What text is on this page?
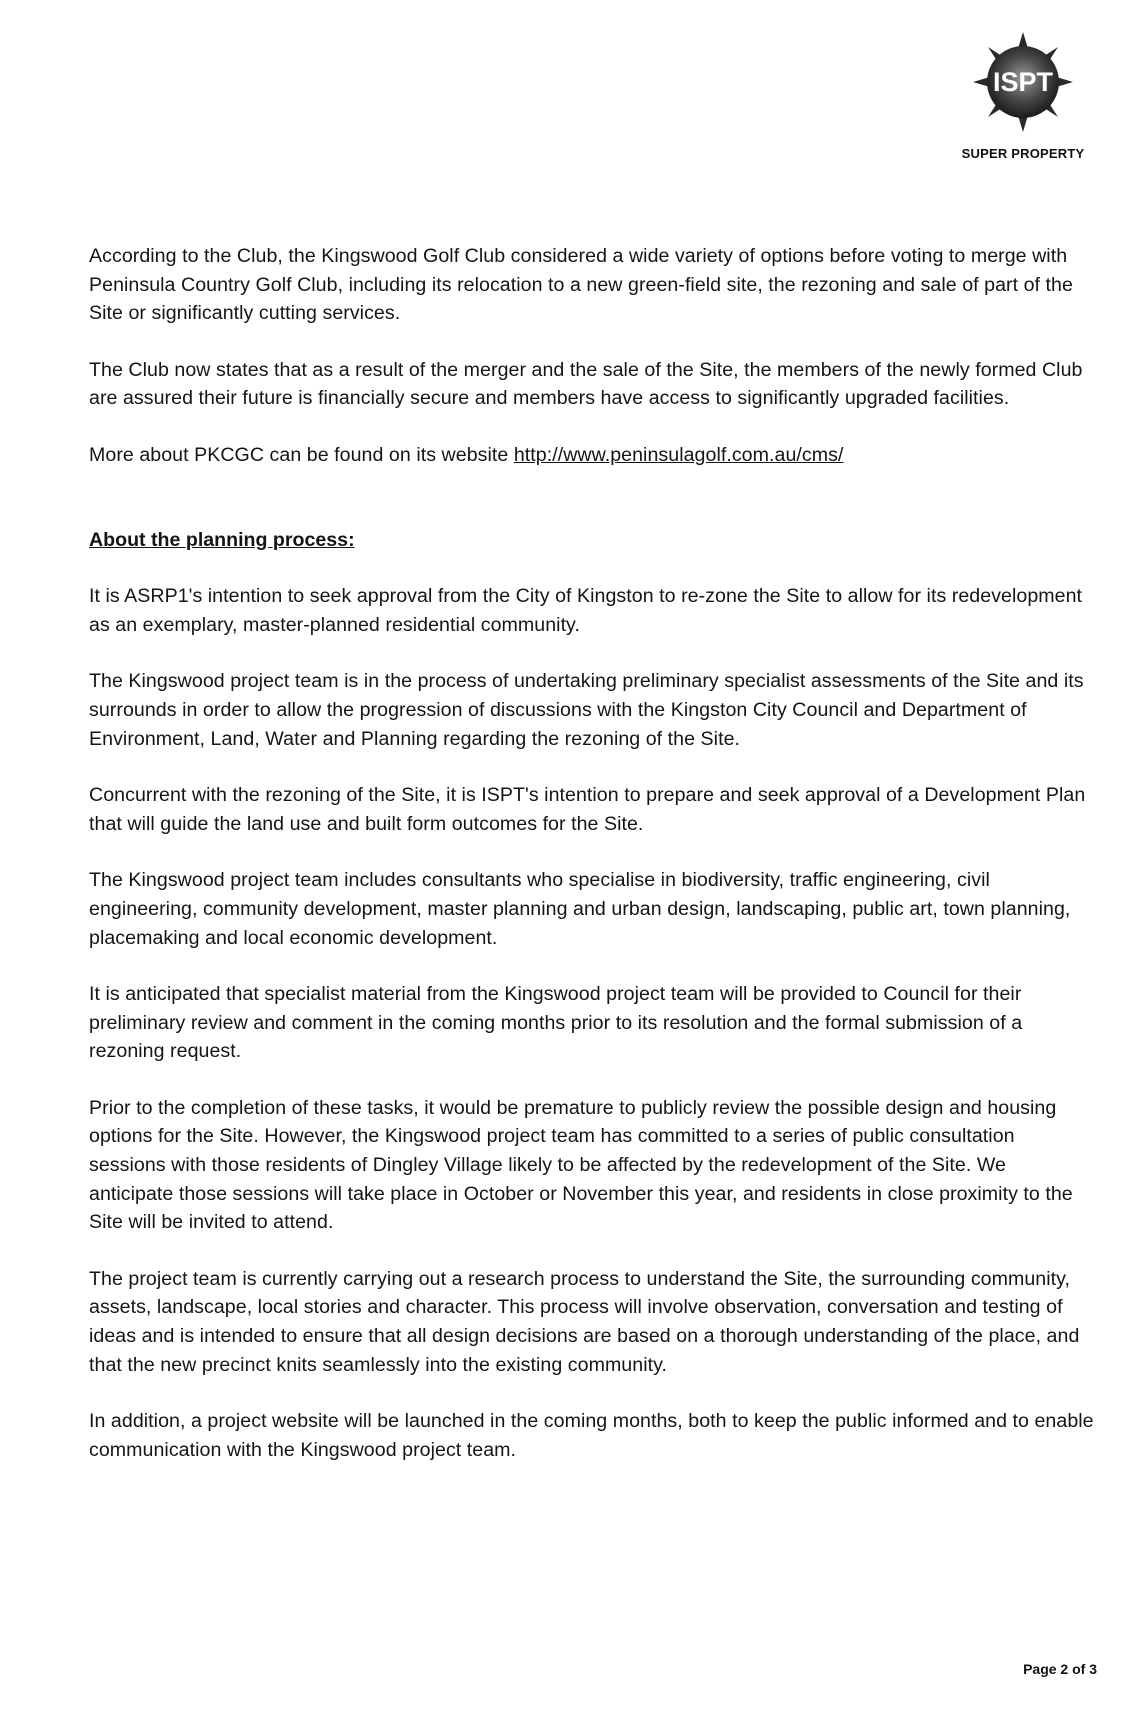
ISPT
SUPER PROPERTY

According to the Club, the Kingswood Golf Club considered a wide variety of options before voting to merge with Peninsula Country Golf Club, including its relocation to a new green-field site, the rezoning and sale of part of the Site or significantly cutting services.

The Club now states that as a result of the merger and the sale of the Site, the members of the newly formed Club are assured their future is financially secure and members have access to significantly upgraded facilities.

More about PKCGC can be found on its website http://www.peninsulagolf.com.au/cms/

About the planning process:

It is ASRP1's intention to seek approval from the City of Kingston to re-zone the Site to allow for its redevelopment as an exemplary, master-planned residential community.

The Kingswood project team is in the process of undertaking preliminary specialist assessments of the Site and its surrounds in order to allow the progression of discussions with the Kingston City Council and Department of Environment, Land, Water and Planning regarding the rezoning of the Site.

Concurrent with the rezoning of the Site, it is ISPT's intention to prepare and seek approval of a Development Plan that will guide the land use and built form outcomes for the Site.

The Kingswood project team includes consultants who specialise in biodiversity, traffic engineering, civil engineering, community development, master planning and urban design, landscaping, public art, town planning, placemaking and local economic development.

It is anticipated that specialist material from the Kingswood project team will be provided to Council for their preliminary review and comment in the coming months prior to its resolution and the formal submission of a rezoning request.

Prior to the completion of these tasks, it would be premature to publicly review the possible design and housing options for the Site. However, the Kingswood project team has committed to a series of public consultation sessions with those residents of Dingley Village likely to be affected by the redevelopment of the Site. We anticipate those sessions will take place in October or November this year, and residents in close proximity to the Site will be invited to attend.

The project team is currently carrying out a research process to understand the Site, the surrounding community, assets, landscape, local stories and character. This process will involve observation, conversation and testing of ideas and is intended to ensure that all design decisions are based on a thorough understanding of the place, and that the new precinct knits seamlessly into the existing community.

In addition, a project website will be launched in the coming months, both to keep the public informed and to enable communication with the Kingswood project team.

Page 2 of 3
